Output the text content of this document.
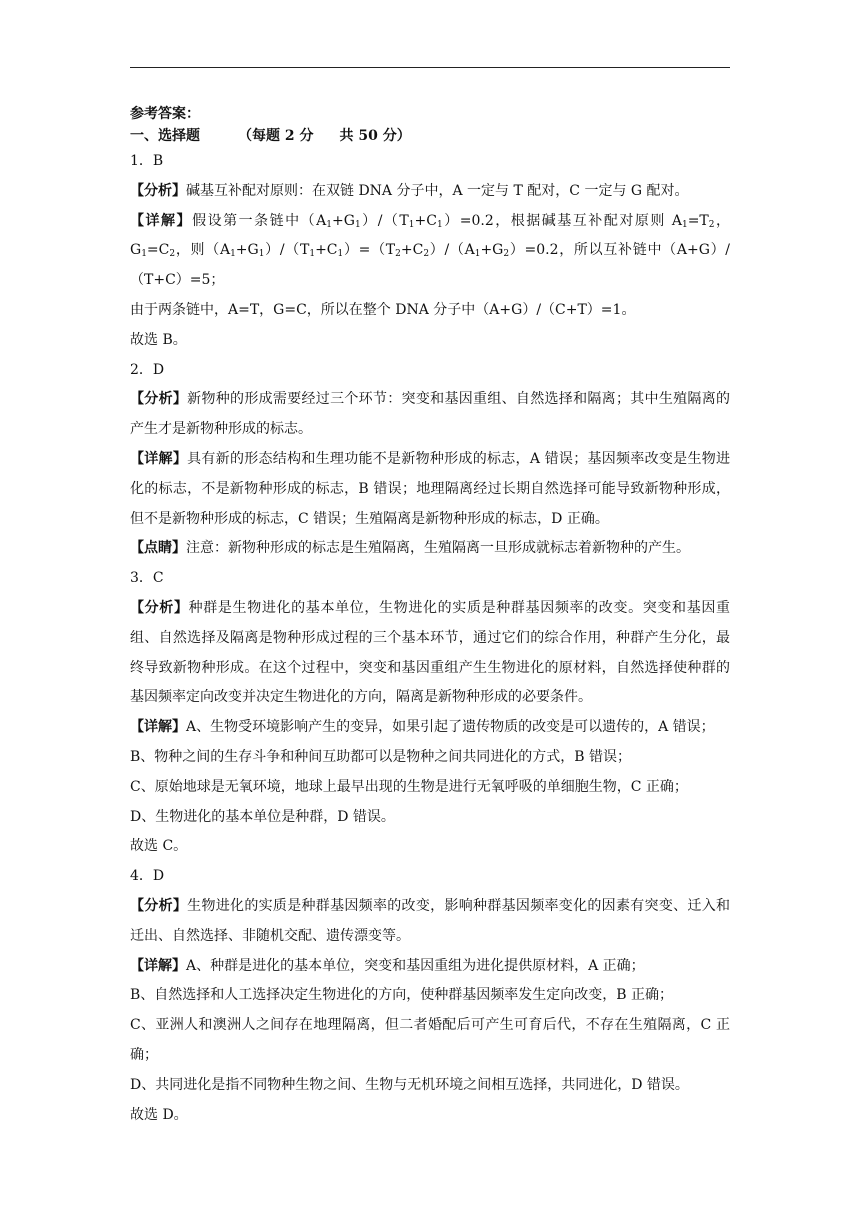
参考答案：

一、选择题	（每题 2 分 共 50 分）

1．B

【分析】碱基互补配对原则：在双链 DNA 分子中，A 一定与 T 配对，C 一定与 G 配对。

【详解】假设第一条链中$(A_1+G_1)/(T_1+C_1)=0.2$，根据碱基互补配对原则 $A_1=T_2$，$G_1=C_2$，则$(A_1+G_1)/(T_1+C_1)=(T_2+C_2)/(A_1+G_2)=0.2$，所以互补链中（A+G）/（T+C）=5；

由于两条链中，A=T，G=C，所以在整个 DNA 分子中（A+G）/（C+T）=1。

故选 B。

2．D

【分析】新物种的形成需要经过三个环节：突变和基因重组、自然选择和隔离；其中生殖隔离的产生才是新物种形成的标志。

【详解】具有新的形态结构和生理功能不是新物种形成的标志，A 错误；基因频率改变是生物进化的标志，不是新物种形成的标志，B 错误；地理隔离经过长期自然选择可能导致新物种形成，但不是新物种形成的标志，C 错误；生殖隔离是新物种形成的标志，D 正确。

【点睛】注意：新物种形成的标志是生殖隔离，生殖隔离一旦形成就标志着新物种的产生。

3．C

【分析】种群是生物进化的基本单位，生物进化的实质是种群基因频率的改变。突变和基因重组、自然选择及隔离是物种形成过程的三个基本环节，通过它们的综合作用，种群产生分化，最终导致新物种形成。在这个过程中，突变和基因重组产生生物进化的原材料，自然选择使种群的基因频率定向改变并决定生物进化的方向，隔离是新物种形成的必要条件。

【详解】A、生物受环境影响产生的变异，如果引起了遗传物质的改变是可以遗传的，A 错误；

B、物种之间的生存斗争和种间互助都可以是物种之间共同进化的方式，B 错误；

C、原始地球是无氧环境，地球上最早出现的生物是进行无氧呼吸的单细胞生物，C 正确；

D、生物进化的基本单位是种群，D 错误。

故选 C。

4．D

【分析】生物进化的实质是种群基因频率的改变，影响种群基因频率变化的因素有突变、迁入和迁出、自然选择、非随机交配、遗传漂变等。

【详解】A、种群是进化的基本单位，突变和基因重组为进化提供原材料，A 正确；

B、自然选择和人工选择决定生物进化的方向，使种群基因频率发生定向改变，B 正确；

C、亚洲人和澳洲人之间存在地理隔离，但二者婚配后可产生可育后代，不存在生殖隔离，C 正确；

D、共同进化是指不同物种生物之间、生物与无机环境之间相互选择，共同进化，D 错误。

故选 D。
